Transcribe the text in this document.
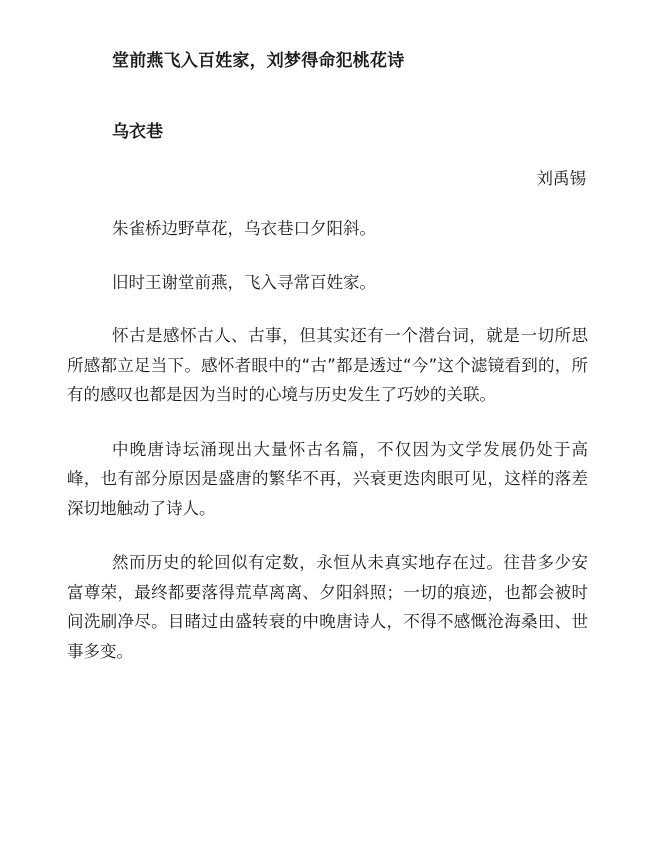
堂前燕飞入百姓家，刘梦得命犯桃花诗
乌衣巷

刘禹锡

朱雀桥边野草花，乌衣巷口夕阳斜。

旧时王谢堂前燕，飞入寻常百姓家。

怀古是感怀古人、古事，但其实还有一个潜台词，就是一切所思所感都立足当下。感怀者眼中的“古”都是透过“今”这个滤镜看到的，所有的感叹也都是因为当时的心境与历史发生了巧妙的关联。

中晚唐诗坛涌现出大量怀古名篇，不仅因为文学发展仍处于高峰，也有部分原因是盛唐的繁华不再，兴衰更迭肉眼可见，这样的落差深切地触动了诗人。

然而历史的轮回似有定数，永恒从未真实地存在过。往昔多少安富尊荣，最终都要落得荒草离离、夕阳斜照；一切的痕迹，也都会被时间洗刷净尽。目睹过由盛转衰的中晚唐诗人，不得不感慨沧海桑田、世事多变。
